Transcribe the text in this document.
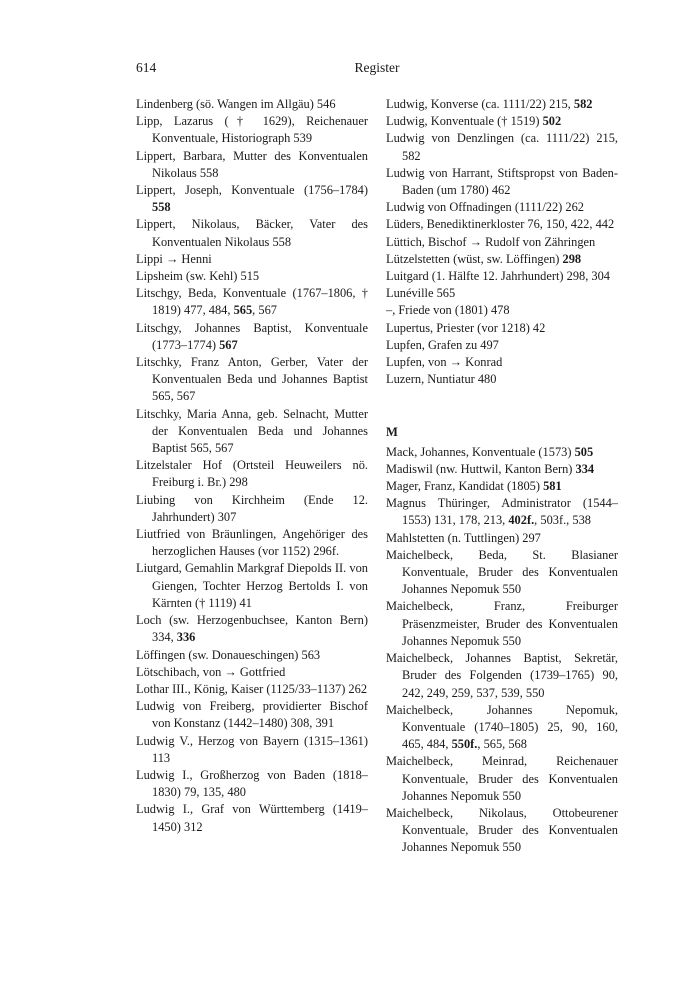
614	Register
Lindenberg (sö. Wangen im Allgäu) 546
Lipp, Lazarus († 1629), Reichenauer Konventuale, Historiograph 539
Lippert, Barbara, Mutter des Konventualen Nikolaus 558
Lippert, Joseph, Konventuale (1756–1784) 558
Lippert, Nikolaus, Bäcker, Vater des Konventualen Nikolaus 558
Lippi → Henni
Lipsheim (sw. Kehl) 515
Litschgy, Beda, Konventuale (1767–1806, † 1819) 477, 484, 565, 567
Litschgy, Johannes Baptist, Konventuale (1773–1774) 567
Litschky, Franz Anton, Gerber, Vater der Konventualen Beda und Johannes Baptist 565, 567
Litschky, Maria Anna, geb. Selnacht, Mutter der Konventualen Beda und Johannes Baptist 565, 567
Litzelstaler Hof (Ortsteil Heuweilers nö. Freiburg i. Br.) 298
Liubing von Kirchheim (Ende 12. Jahrhundert) 307
Liutfried von Bräunlingen, Angehöriger des herzoglichen Hauses (vor 1152) 296f.
Liutgard, Gemahlin Markgraf Diepolds II. von Giengen, Tochter Herzog Bertolds I. von Kärnten († 1119) 41
Loch (sw. Herzogenbuchsee, Kanton Bern) 334, 336
Löffingen (sw. Donaueschingen) 563
Lötschibach, von → Gottfried
Lothar III., König, Kaiser (1125/33–1137) 262
Ludwig von Freiberg, providierter Bischof von Konstanz (1442–1480) 308, 391
Ludwig V., Herzog von Bayern (1315–1361) 113
Ludwig I., Großherzog von Baden (1818–1830) 79, 135, 480
Ludwig I., Graf von Württemberg (1419–1450) 312
Ludwig, Konverse (ca. 1111/22) 215, 582
Ludwig, Konventuale († 1519) 502
Ludwig von Denzlingen (ca. 1111/22) 215, 582
Ludwig von Harrant, Stiftspropst von Baden-Baden (um 1780) 462
Ludwig von Offnadingen (1111/22) 262
Lüders, Benediktinerkloster 76, 150, 422, 442
Lüttich, Bischof → Rudolf von Zähringen
Lützelstetten (wüst, sw. Löffingen) 298
Luitgard (1. Hälfte 12. Jahrhundert) 298, 304
Lunéville 565
–, Friede von (1801) 478
Lupertus, Priester (vor 1218) 42
Lupfen, Grafen zu 497
Lupfen, von → Konrad
Luzern, Nuntiatur 480
M
Mack, Johannes, Konventuale (1573) 505
Madiswil (nw. Huttwil, Kanton Bern) 334
Mager, Franz, Kandidat (1805) 581
Magnus Thüringer, Administrator (1544–1553) 131, 178, 213, 402f., 503f., 538
Mahlstetten (n. Tuttlingen) 297
Maichelbeck, Beda, St. Blasianer Konventuale, Bruder des Konventualen Johannes Nepomuk 550
Maichelbeck, Franz, Freiburger Präsenzmeister, Bruder des Konventualen Johannes Nepomuk 550
Maichelbeck, Johannes Baptist, Sekretär, Bruder des Folgenden (1739–1765) 90, 242, 249, 259, 537, 539, 550
Maichelbeck, Johannes Nepomuk, Konventuale (1740–1805) 25, 90, 160, 465, 484, 550f., 565, 568
Maichelbeck, Meinrad, Reichenauer Konventuale, Bruder des Konventualen Johannes Nepomuk 550
Maichelbeck, Nikolaus, Ottobeurener Konventuale, Bruder des Konventualen Johannes Nepomuk 550
